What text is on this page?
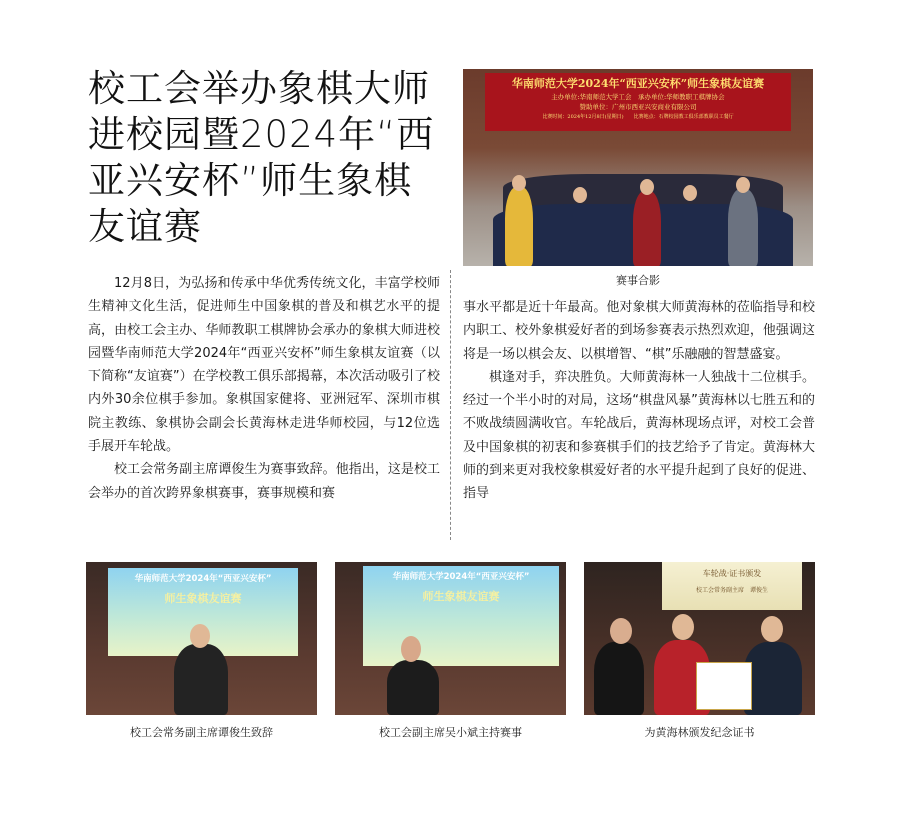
校工会举办象棋大师进校园暨2024年“西亚兴安杯”师生象棋友谊赛
华南师范大学2024年“西亚兴安杯”师生象棋友谊赛
主办单位:华南师范大学工会　承办单位:华师教职工棋牌协会
赞助单位：广州市西亚兴安商业有限公司
比赛时间：2024年12月8日(星期日)　　比赛地点：石牌校园教工俱乐部教职员工餐厅
赛事合影

12月8日，为弘扬和传承中华优秀传统文化，丰富学校师生精神文化生活，促进师生中国象棋的普及和棋艺水平的提高，由校工会主办、华师教职工棋牌协会承办的象棋大师进校园暨华南师范大学2024年“西亚兴安杯”师生象棋友谊赛（以下简称“友谊赛”）在学校教工俱乐部揭幕，本次活动吸引了校内外30余位棋手参加。象棋国家健将、亚洲冠军、深圳市棋院主教练、象棋协会副会长黄海林走进华师校园，与12位选手展开车轮战。

校工会常务副主席谭俊生为赛事致辞。他指出，这是校工会举办的首次跨界象棋赛事，赛事规模和赛

事水平都是近十年最高。他对象棋大师黄海林的莅临指导和校内职工、校外象棋爱好者的到场参赛表示热烈欢迎，他强调这将是一场以棋会友、以棋增智、“棋”乐融融的智慧盛宴。

棋逢对手，弈决胜负。大师黄海林一人独战十二位棋手。经过一个半小时的对局，这场“棋盘风暴”黄海林以七胜五和的不败战绩圆满收官。车轮战后，黄海林现场点评，对校工会普及中国象棋的初衷和参赛棋手们的技艺给予了肯定。黄海林大师的到来更对我校象棋爱好者的水平提升起到了良好的促进、指导

华南师范大学2024年“西亚兴安杯”
师生象棋友谊赛
校工会常务副主席谭俊生致辞
华南师范大学2024年“西亚兴安杯”
师生象棋友谊赛
校工会副主席吴小斌主持赛事
车轮战·证书颁发
校工会常务副主席　谭俊生
为黄海林颁发纪念证书
